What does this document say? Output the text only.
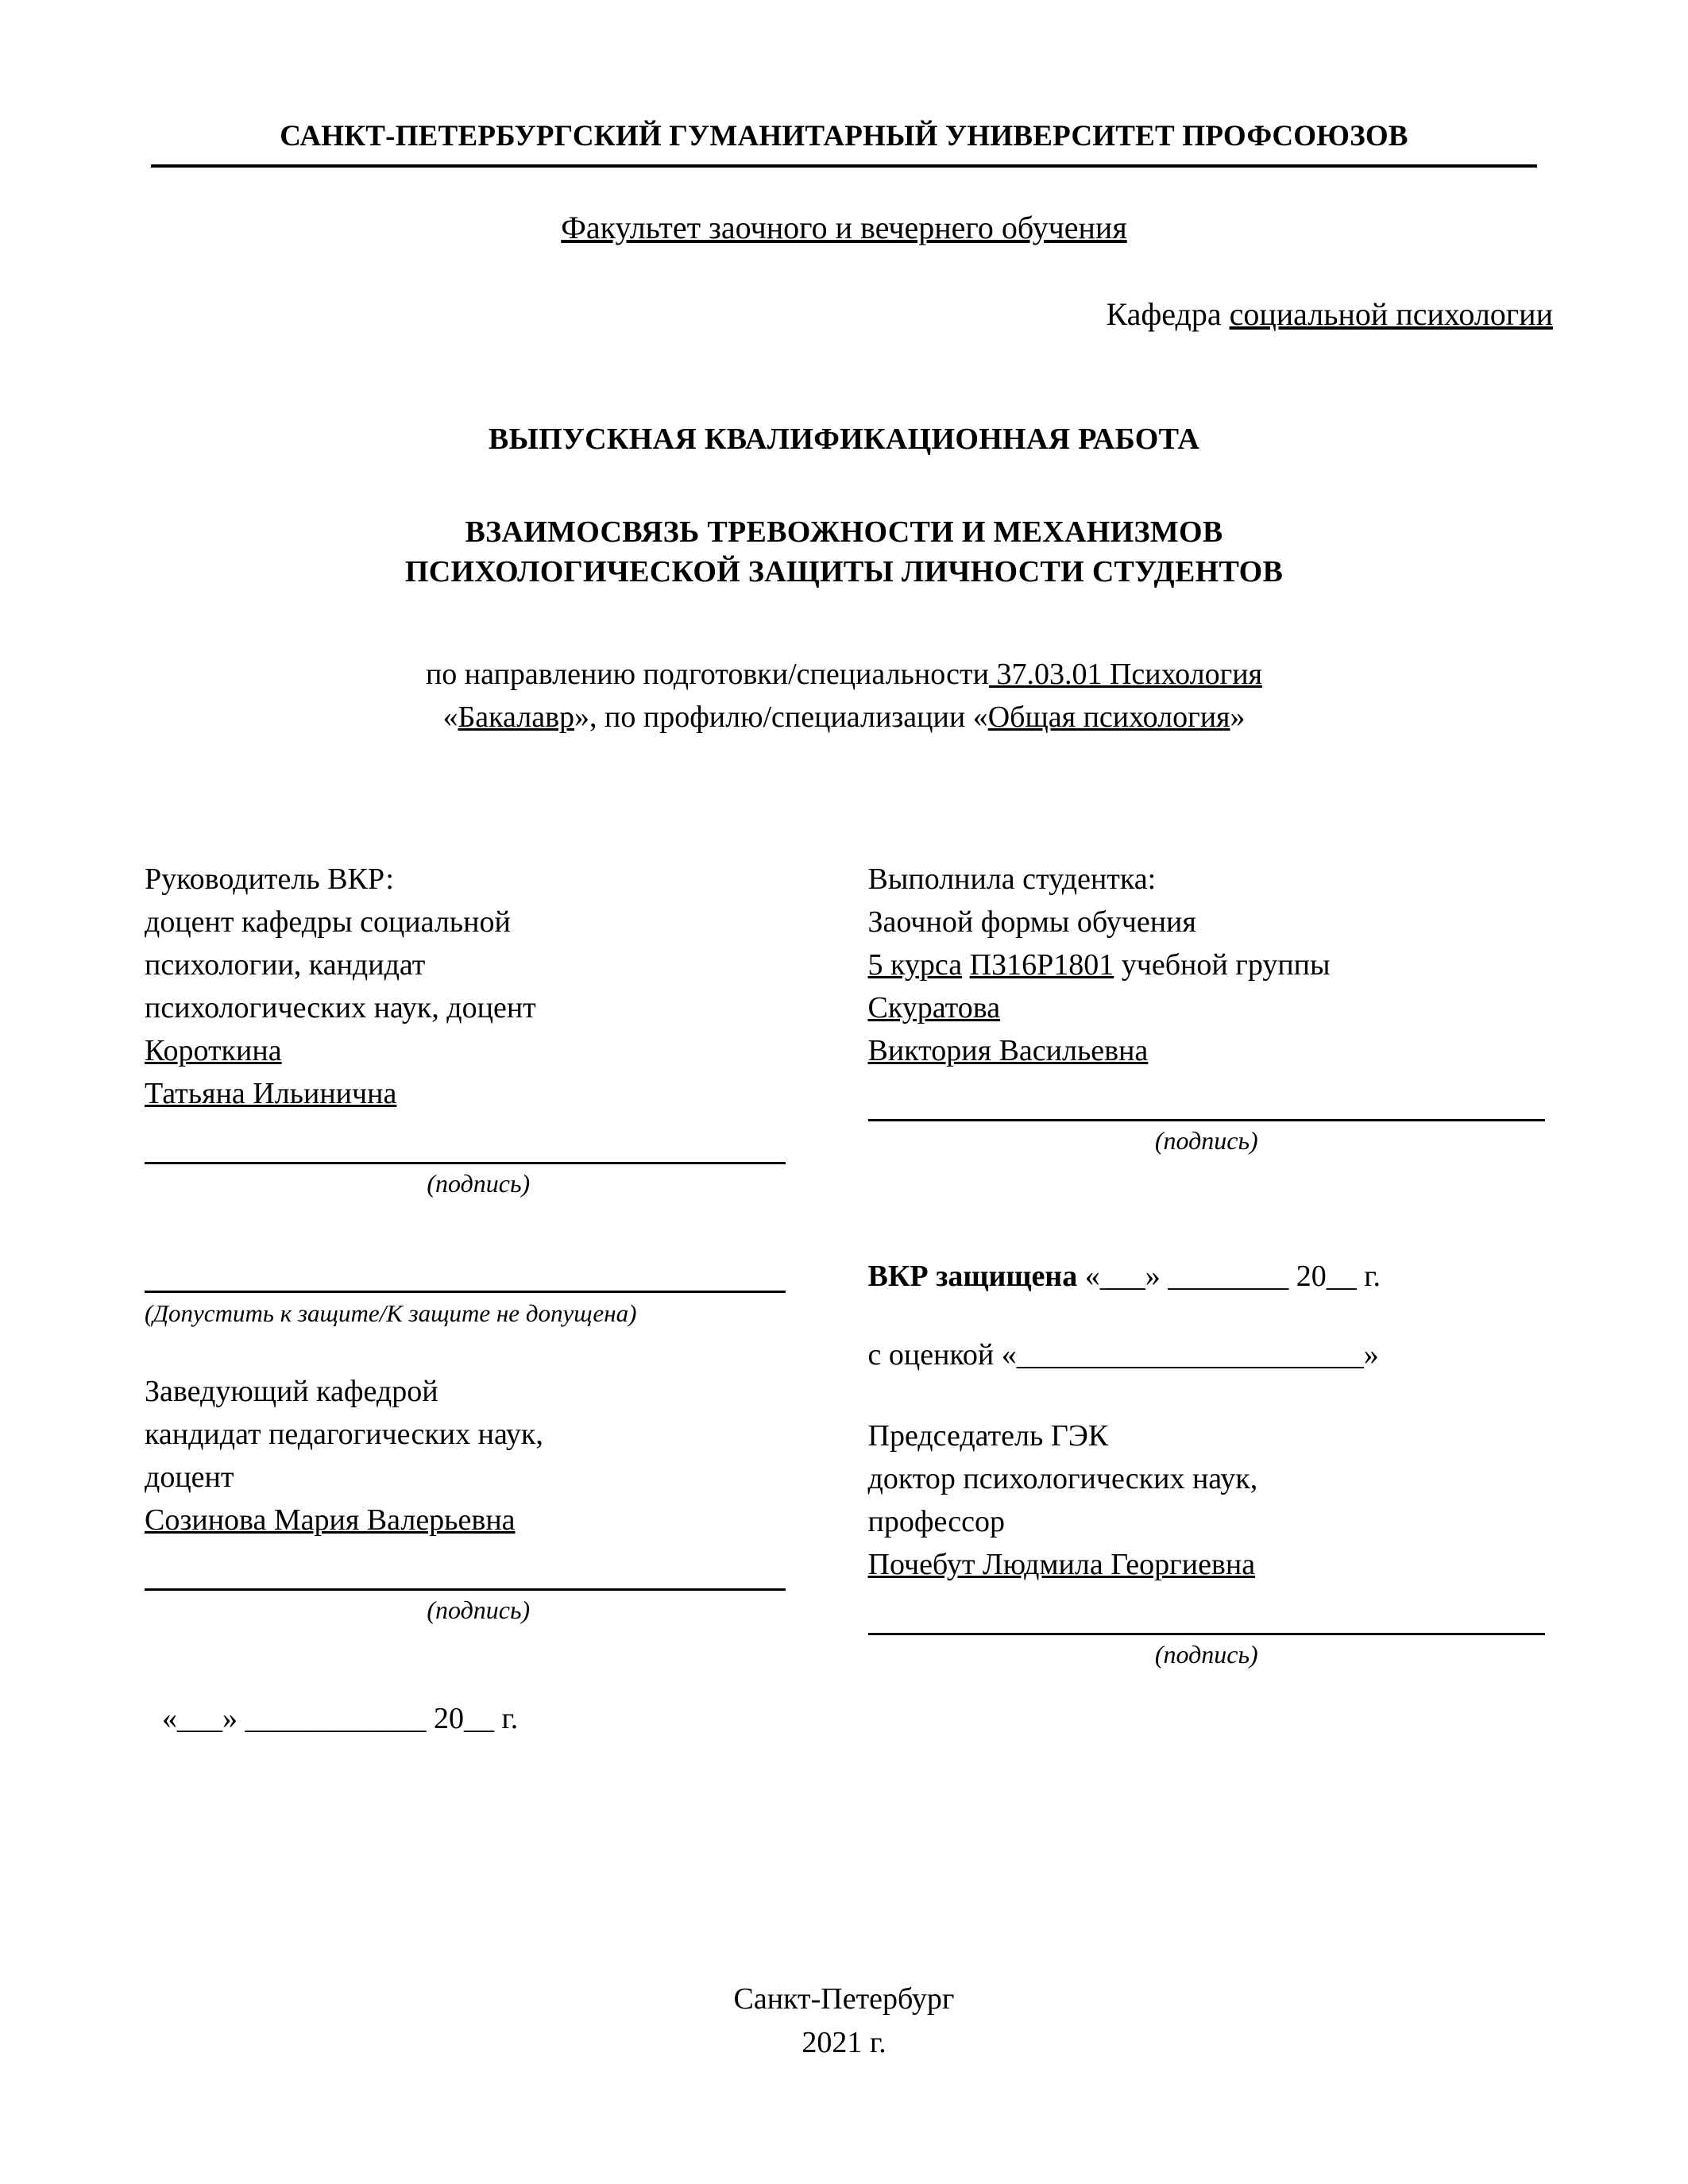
САНКТ-ПЕТЕРБУРГСКИЙ ГУМАНИТАРНЫЙ УНИВЕРСИТЕТ ПРОФСОЮЗОВ
Факультет заочного и вечернего обучения
Кафедра социальной психологии
ВЫПУСКНАЯ КВАЛИФИКАЦИОННАЯ РАБОТА
ВЗАИМОСВЯЗЬ ТРЕВОЖНОСТИ И МЕХАНИЗМОВ
ПСИХОЛОГИЧЕСКОЙ ЗАЩИТЫ ЛИЧНОСТИ СТУДЕНТОВ
по направлению подготовки/специальности 37.03.01 Психология
«Бакалавр», по профилю/специализации «Общая психология»
Руководитель ВКР:
доцент кафедры социальной
психологии, кандидат
психологических наук, доцент
Короткина
Татьяна Ильинична
(подпись)
Выполнила студентка:
Заочной формы обучения
5 курса ПЗ16Р1801 учебной группы
Скуратова
Виктория Васильевна
(подпись)
(Допустить к защите/К защите не допущена)
Заведующий кафедрой
кандидат педагогических наук,
доцент
Созинова Мария Валерьевна
(подпись)
«___» ____________ 20__ г.
ВКР защищена «___» ________ 20__ г.
с оценкой «_______________________»
Председатель ГЭК
доктор психологических наук,
профессор
Почебут Людмила Георгиевна
(подпись)
Санкт-Петербург
2021 г.
